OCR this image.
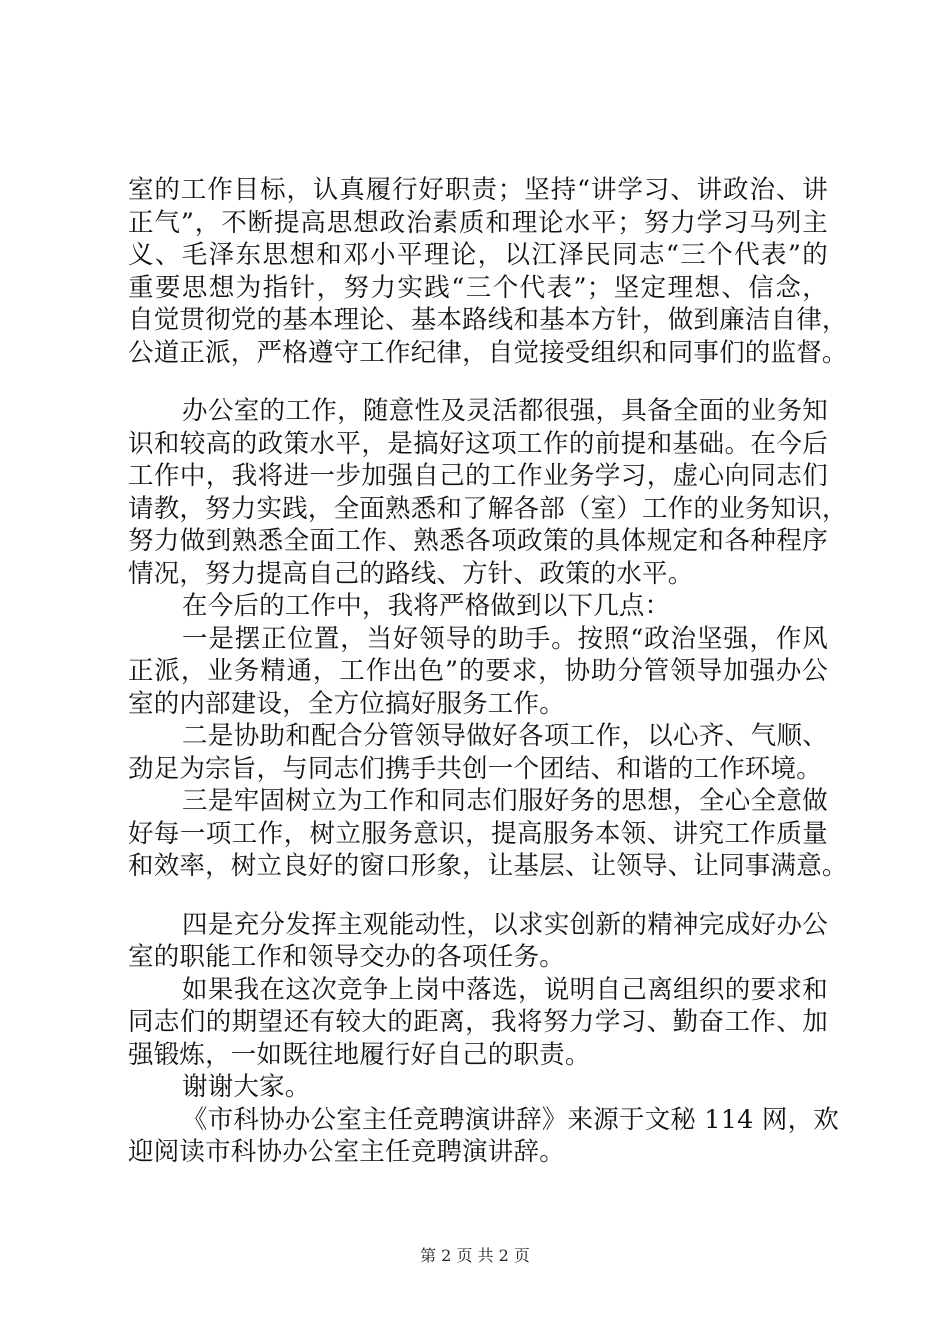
室的工作目标，认真履行好职责；坚持“讲学习、讲政治、讲
正气”，不断提高思想政治素质和理论水平；努力学习马列主
义、毛泽东思想和邓小平理论，以江泽民同志“三个代表”的
重要思想为指针，努力实践“三个代表”；坚定理想、信念，
自觉贯彻党的基本理论、基本路线和基本方针，做到廉洁自律，
公道正派，严格遵守工作纪律，自觉接受组织和同事们的监督。
办公室的工作，随意性及灵活都很强，具备全面的业务知
识和较高的政策水平，是搞好这项工作的前提和基础。在今后
工作中，我将进一步加强自己的工作业务学习，虚心向同志们
请教，努力实践，全面熟悉和了解各部（室）工作的业务知识，
努力做到熟悉全面工作、熟悉各项政策的具体规定和各种程序
情况，努力提高自己的路线、方针、政策的水平。
在今后的工作中，我将严格做到以下几点：
一是摆正位置，当好领导的助手。按照“政治坚强，作风
正派，业务精通，工作出色”的要求，协助分管领导加强办公
室的内部建设，全方位搞好服务工作。
二是协助和配合分管领导做好各项工作，以心齐、气顺、
劲足为宗旨，与同志们携手共创一个团结、和谐的工作环境。
三是牢固树立为工作和同志们服好务的思想，全心全意做
好每一项工作，树立服务意识，提高服务本领、讲究工作质量
和效率，树立良好的窗口形象，让基层、让领导、让同事满意。
四是充分发挥主观能动性，以求实创新的精神完成好办公
室的职能工作和领导交办的各项任务。
如果我在这次竞争上岗中落选，说明自己离组织的要求和
同志们的期望还有较大的距离，我将努力学习、勤奋工作、加
强锻炼，一如既往地履行好自己的职责。
谢谢大家。
《市科协办公室主任竞聘演讲辞》来源于文秘 114 网，欢
迎阅读市科协办公室主任竞聘演讲辞。
第 2 页 共 2 页
